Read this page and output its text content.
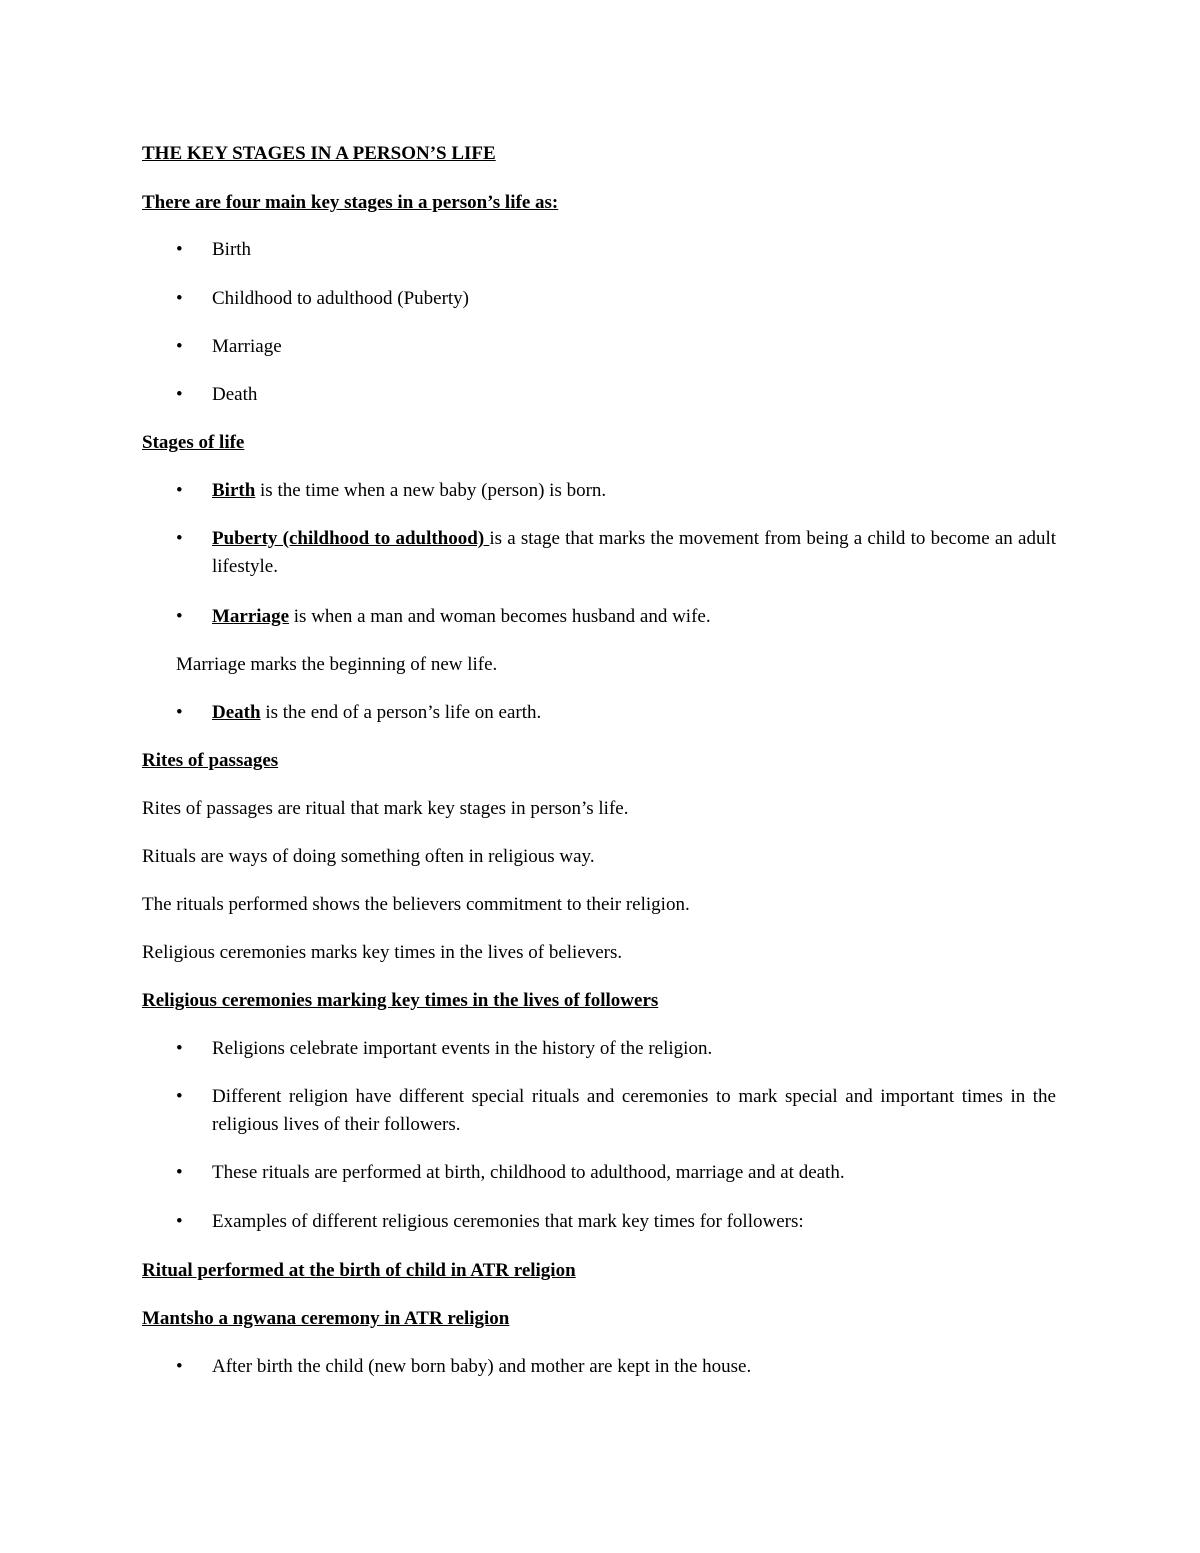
THE KEY STAGES IN A PERSON’S LIFE

There are four main key stages in a person’s life as:

• Birth
• Childhood to adulthood (Puberty)
• Marriage
• Death

Stages of life

• Birth is the time when a new baby (person) is born.
• Puberty (childhood to adulthood) is a stage that marks the movement from being a child to become an adult lifestyle.
• Marriage is when a man and woman becomes husband and wife.

Marriage marks the beginning of new life.

• Death is the end of a person’s life on earth.

Rites of passages

Rites of passages are ritual that mark key stages in person’s life.

Rituals are ways of doing something often in religious way.

The rituals performed shows the believers commitment to their religion.

Religious ceremonies marks key times in the lives of believers.

Religious ceremonies marking key times in the lives of followers

• Religions celebrate important events in the history of the religion.
• Different religion have different special rituals and ceremonies to mark special and important times in the religious lives of their followers.
• These rituals are performed at birth, childhood to adulthood, marriage and at death.
• Examples of different religious ceremonies that mark key times for followers:

Ritual performed at the birth of child in ATR religion

Mantsho a ngwana ceremony in ATR religion

• After birth the child (new born baby) and mother are kept in the house.
